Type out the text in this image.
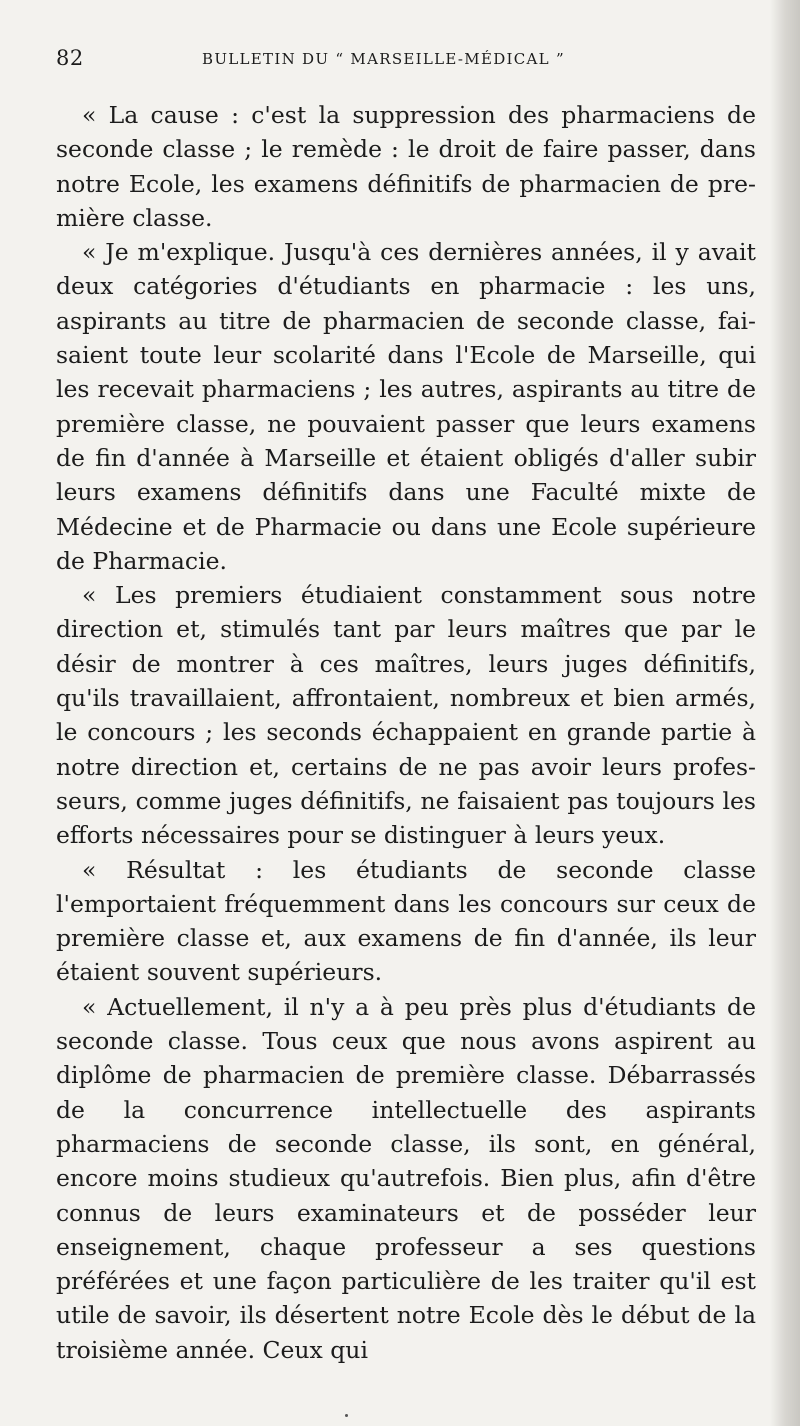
82	BULLETIN DU “ MARSEILLE-MÉDICAL ”

« La cause : c'est la suppression des pharmaciens de seconde classe ; le remède : le droit de faire passer, dans notre Ecole, les examens définitifs de pharmacien de première classe.

« Je m'explique. Jusqu'à ces dernières années, il y avait deux catégories d'étudiants en pharmacie : les uns, aspirants au titre de pharmacien de seconde classe, faisaient toute leur scolarité dans l'Ecole de Marseille, qui les recevait pharmaciens ; les autres, aspirants au titre de première classe, ne pouvaient passer que leurs examens de fin d'année à Marseille et étaient obligés d'aller subir leurs examens définitifs dans une Faculté mixte de Médecine et de Pharmacie ou dans une Ecole supérieure de Pharmacie.

« Les premiers étudiaient constamment sous notre direction et, stimulés tant par leurs maîtres que par le désir de montrer à ces maîtres, leurs juges définitifs, qu'ils travaillaient, affrontaient, nombreux et bien armés, le concours ; les seconds échappaient en grande partie à notre direction et, certains de ne pas avoir leurs professeurs, comme juges définitifs, ne faisaient pas toujours les efforts nécessaires pour se distinguer à leurs yeux.

« Résultat : les étudiants de seconde classe l'emportaient fréquemment dans les concours sur ceux de première classe et, aux examens de fin d'année, ils leur étaient souvent supérieurs.

« Actuellement, il n'y a à peu près plus d'étudiants de seconde classe. Tous ceux que nous avons aspirent au diplôme de pharmacien de première classe. Débarrassés de la concurrence intellectuelle des aspirants pharmaciens de seconde classe, ils sont, en général, encore moins studieux qu'autrefois. Bien plus, afin d'être connus de leurs examinateurs et de posséder leur enseignement, chaque professeur a ses questions préférées et une façon particulière de les traiter qu'il est utile de savoir, ils désertent notre Ecole dès le début de la troisième année. Ceux qui
